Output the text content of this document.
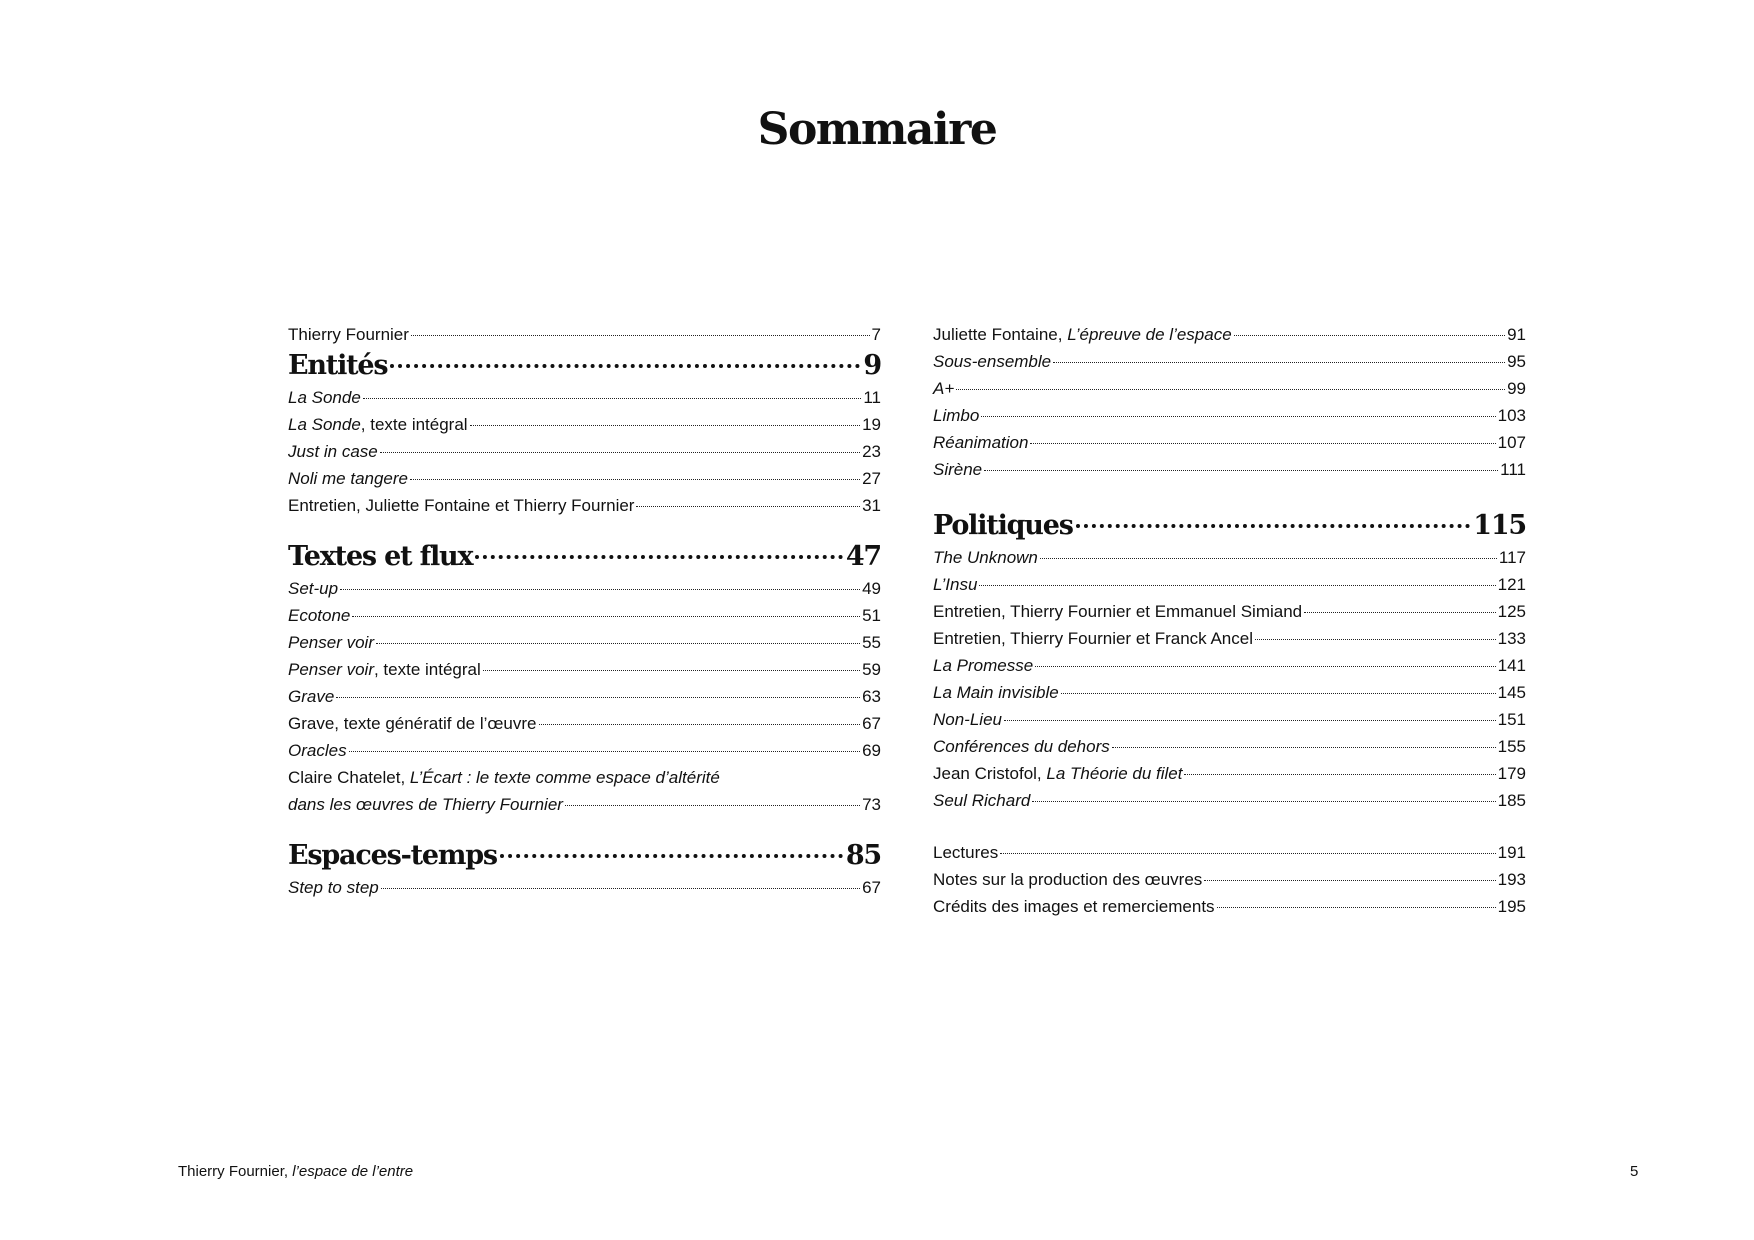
Sommaire
Thierry Fournier	7
Entités	9
La Sonde	11
La Sonde, texte intégral	19
Just in case	23
Noli me tangere	27
Entretien, Juliette Fontaine et Thierry Fournier	31
Textes et flux	47
Set-up	49
Ecotone	51
Penser voir	55
Penser voir, texte intégral	59
Grave	63
Grave, texte génératif de l’œuvre	67
Oracles	69
Claire Chatelet, L’Écart : le texte comme espace d’altérité
dans les œuvres de Thierry Fournier	73
Espaces-temps	85
Step to step	67
Juliette Fontaine, L’épreuve de l’espace	91
Sous-ensemble	95
A+	99
Limbo	103
Réanimation	107
Sirène	111
Politiques	115
The Unknown	117
L’Insu	121
Entretien, Thierry Fournier et Emmanuel Simiand	125
Entretien, Thierry Fournier et Franck Ancel	133
La Promesse	141
La Main invisible	145
Non-Lieu	151
Conférences du dehors	155
Jean Cristofol, La Théorie du filet	179
Seul Richard	185
Lectures	191
Notes sur la production des œuvres	193
Crédits des images et remerciements	195
Thierry Fournier, l’espace de l’entre	5
